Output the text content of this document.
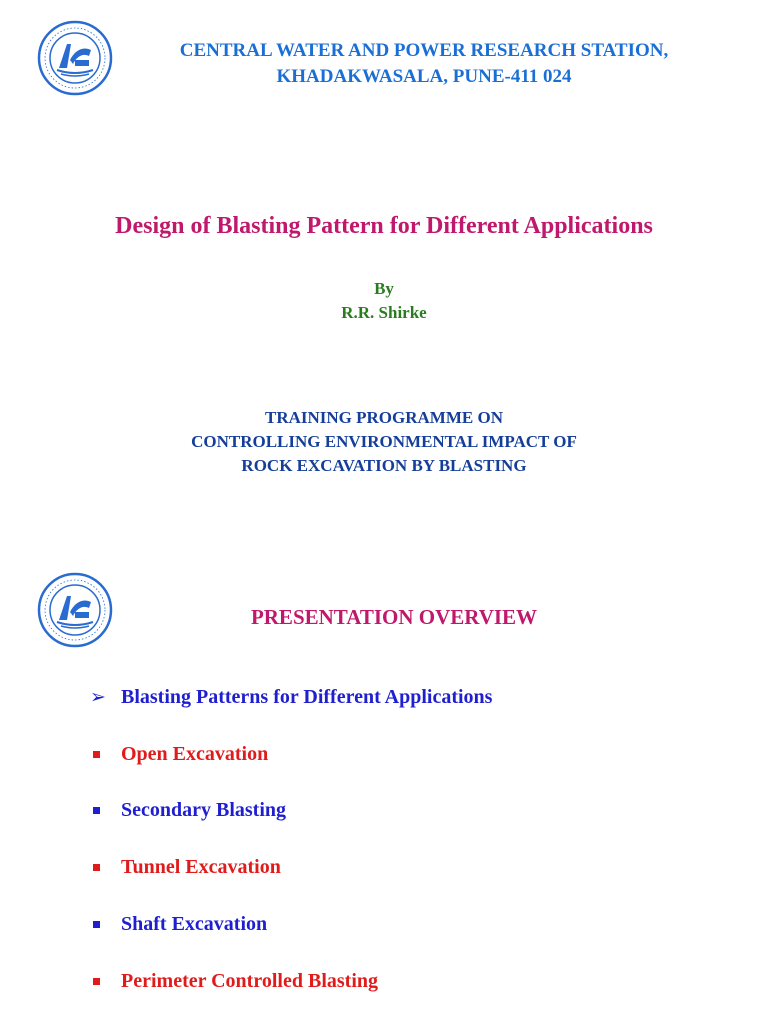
CENTRAL WATER AND POWER RESEARCH STATION,
KHADAKWASALA, PUNE-411 024
Design of Blasting Pattern for Different Applications
By
R.R. Shirke
TRAINING PROGRAMME ON
CONTROLLING ENVIRONMENTAL IMPACT OF
ROCK EXCAVATION BY BLASTING
PRESENTATION OVERVIEW
➢ Blasting Patterns for Different Applications
Open Excavation
Secondary Blasting
Tunnel Excavation
Shaft Excavation
Perimeter Controlled Blasting
